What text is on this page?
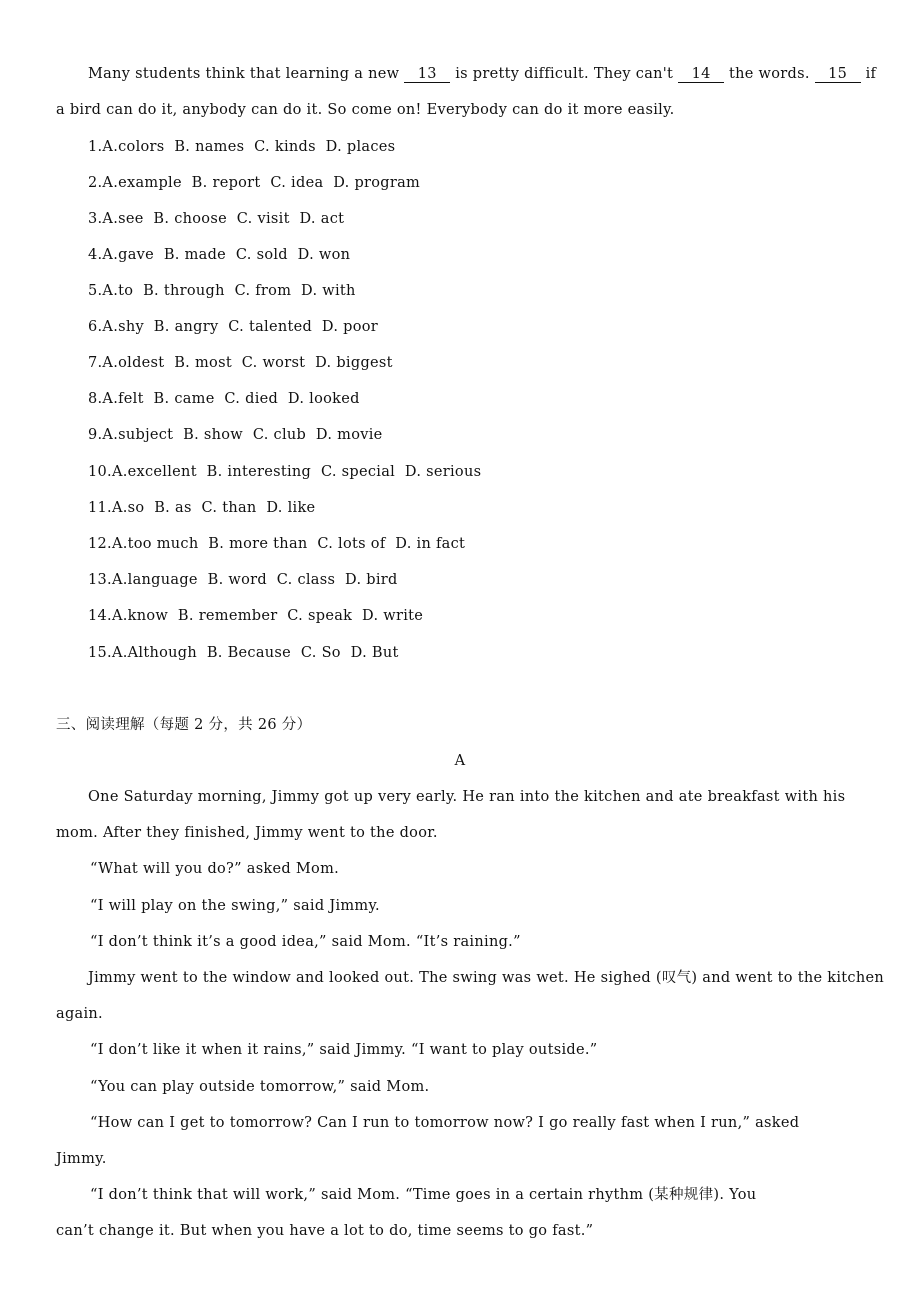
Many students think that learning a new 13 is pretty difficult. They can't 14 the words. 15 if
a bird can do it, anybody can do it. So come on! Everybody can do it more easily.
1.A.colors  B. names  C. kinds  D. places
2.A.example  B. report  C. idea  D. program
3.A.see  B. choose  C. visit  D. act
4.A.gave  B. made  C. sold  D. won
5.A.to  B. through  C. from  D. with
6.A.shy  B. angry  C. talented  D. poor
7.A.oldest  B. most  C. worst  D. biggest
8.A.felt  B. came  C. died  D. looked
9.A.subject  B. show  C. club  D. movie
10.A.excellent  B. interesting  C. special  D. serious
11.A.so  B. as  C. than  D. like
12.A.too much  B. more than  C. lots of  D. in fact
13.A.language  B. word  C. class  D. bird
14.A.know  B. remember  C. speak  D. write
15.A.Although  B. Because  C. So  D. But
三、阅读理解（每题 2 分，共 26 分）
A
One Saturday morning, Jimmy got up very early. He ran into the kitchen and ate breakfast with his
mom. After they finished, Jimmy went to the door.
“What will you do?” asked Mom.
“I will play on the swing,” said Jimmy.
“I don’t think it’s a good idea,” said Mom. “It’s raining.”
Jimmy went to the window and looked out. The swing was wet. He sighed (叹气) and went to the kitchen
again.
“I don’t like it when it rains,” said Jimmy. “I want to play outside.”
“You can play outside tomorrow,” said Mom.
“How can I get to tomorrow? Can I run to tomorrow now? I go really fast when I run,” asked
Jimmy.
“I don’t think that will work,” said Mom. “Time goes in a certain rhythm (某种规律). You
can’t change it. But when you have a lot to do, time seems to go fast.”
